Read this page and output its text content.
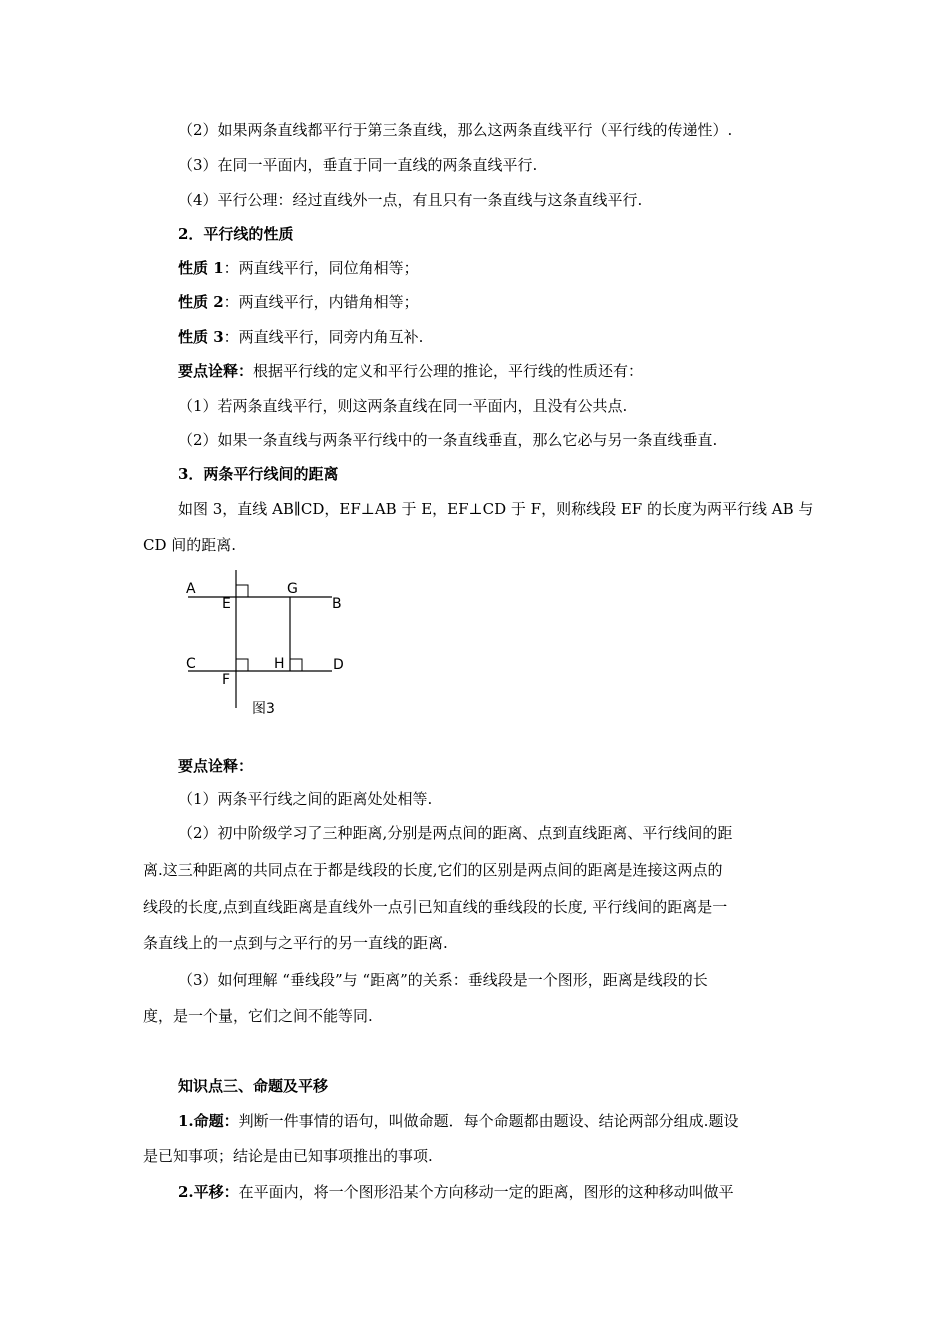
（2）如果两条直线都平行于第三条直线，那么这两条直线平行（平行线的传递性）.
（3）在同一平面内，垂直于同一直线的两条直线平行.
（4）平行公理：经过直线外一点，有且只有一条直线与这条直线平行.
2．平行线的性质
性质 1：两直线平行，同位角相等；
性质 2：两直线平行，内错角相等；
性质 3：两直线平行，同旁内角互补.
要点诠释：根据平行线的定义和平行公理的推论，平行线的性质还有：
（1）若两条直线平行，则这两条直线在同一平面内，且没有公共点.
（2）如果一条直线与两条平行线中的一条直线垂直，那么它必与另一条直线垂直.
3．两条平行线间的距离
如图 3，直线 AB∥CD，EF⊥AB 于 E，EF⊥CD 于 F，则称线段 EF 的长度为两平行线 AB 与
CD 间的距离.
A
B
C	D
E
F
G
H
图3
要点诠释：
（1）两条平行线之间的距离处处相等.
（2）初中阶级学习了三种距离,分别是两点间的距离、点到直线距离、平行线间的距
离.这三种距离的共同点在于都是线段的长度,它们的区别是两点间的距离是连接这两点的
线段的长度,点到直线距离是直线外一点引已知直线的垂线段的长度, 平行线间的距离是一
条直线上的一点到与之平行的另一直线的距离.
（3）如何理解 “垂线段”与 “距离”的关系：垂线段是一个图形，距离是线段的长
度，是一个量，它们之间不能等同.
知识点三、命题及平移
1.命题：判断一件事情的语句，叫做命题．每个命题都由题设、结论两部分组成.题设
是已知事项；结论是由已知事项推出的事项.
2.平移：在平面内，将一个图形沿某个方向移动一定的距离，图形的这种移动叫做平
